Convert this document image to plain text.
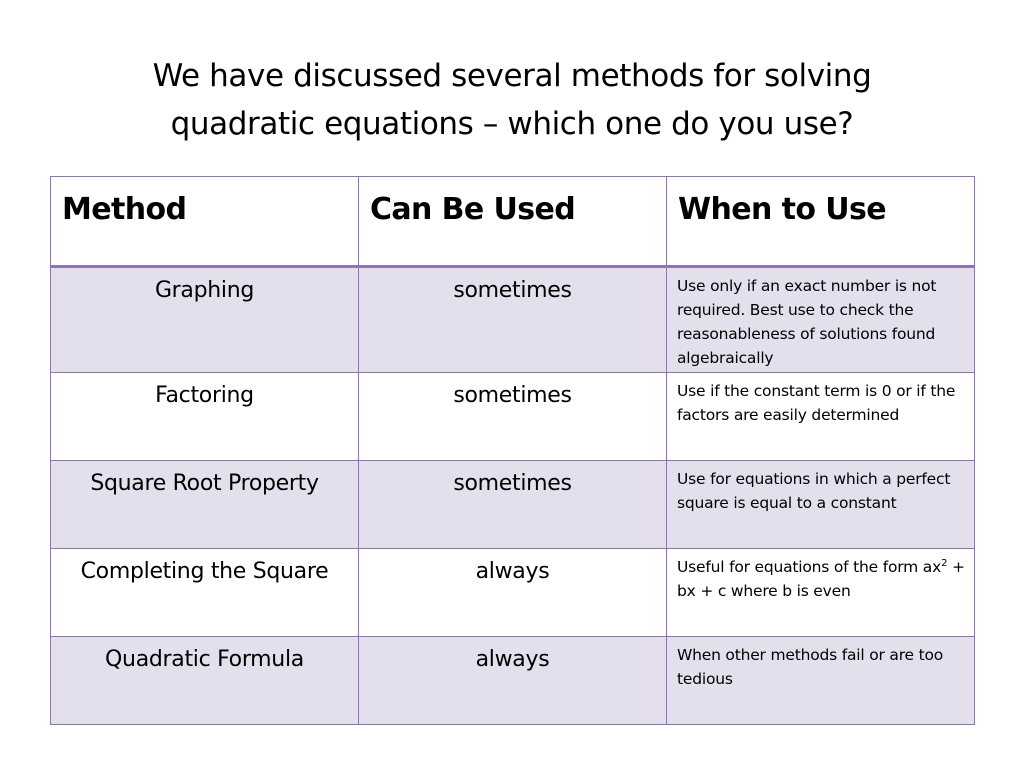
We have discussed several methods for solving
quadratic equations – which one do you use?
Method	Can Be Used	When to Use
Graphing	sometimes	Use only if an exact number is not required. Best use to check the reasonableness of solutions found algebraically
Factoring	sometimes	Use if the constant term is 0 or if the factors are easily determined
Square Root Property	sometimes	Use for equations in which a perfect square is equal to a constant
Completing the Square	always	Useful for equations of the form $ax^2$ + bx + c where b is even
Quadratic Formula	always	When other methods fail or are too tedious
